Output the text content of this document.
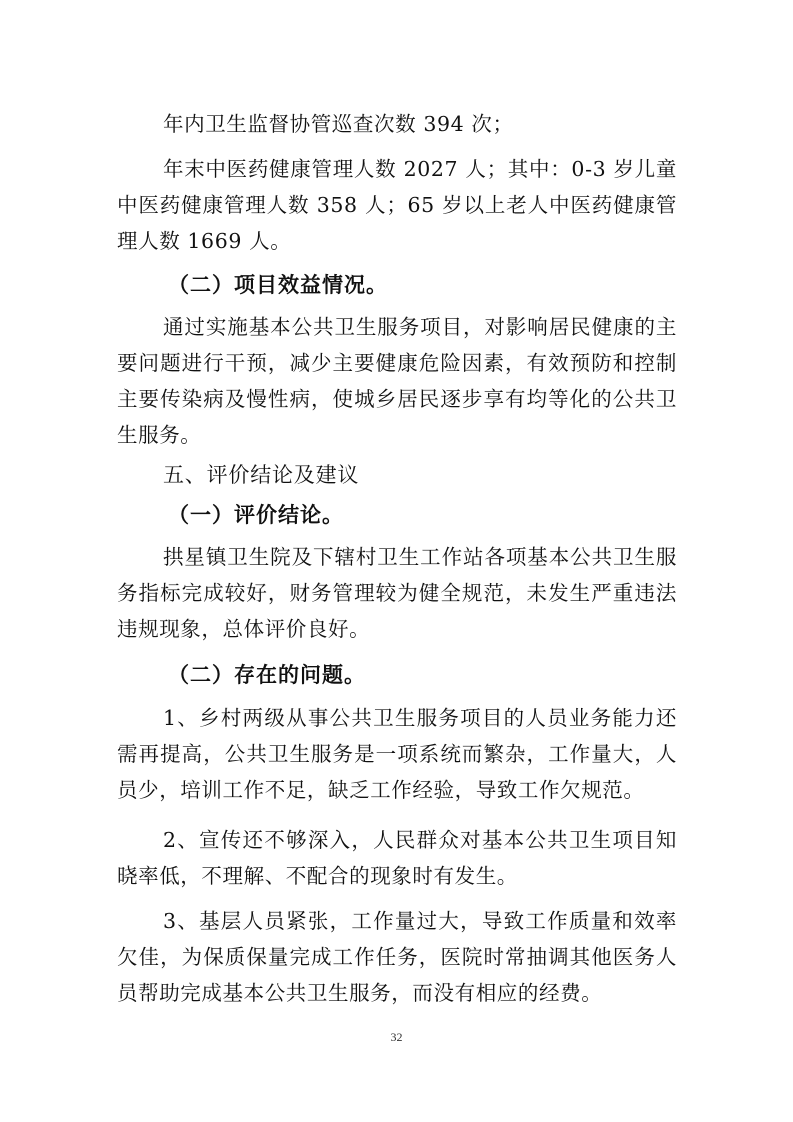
年内卫生监督协管巡查次数 394 次；

年末中医药健康管理人数 2027 人；其中：0-3 岁儿童中医药健康管理人数 358 人；65 岁以上老人中医药健康管理人数 1669 人。

（二）项目效益情况。

通过实施基本公共卫生服务项目，对影响居民健康的主要问题进行干预，减少主要健康危险因素，有效预防和控制 主要传染病及慢性病，使城乡居民逐步享有均等化的公共卫生服务。

五、评价结论及建议

（一）评价结论。

拱星镇卫生院及下辖村卫生工作站各项基本公共卫生服务指标完成较好，财务管理较为健全规范，未发生严重违法违规现象，总体评价良好。

（二）存在的问题。

1、乡村两级从事公共卫生服务项目的人员业务能力还需再提高，公共卫生服务是一项系统而繁杂，工作量大，人 员少，培训工作不足，缺乏工作经验，导致工作欠规范。

2、宣传还不够深入，人民群众对基本公共卫生项目知晓率低，不理解、不配合的现象时有发生。

3、基层人员紧张，工作量过大，导致工作质量和效率欠佳，为保质保量完成工作任务，医院时常抽调其他医务人员帮助完成基本公共卫生服务，而没有相应的经费。

32
